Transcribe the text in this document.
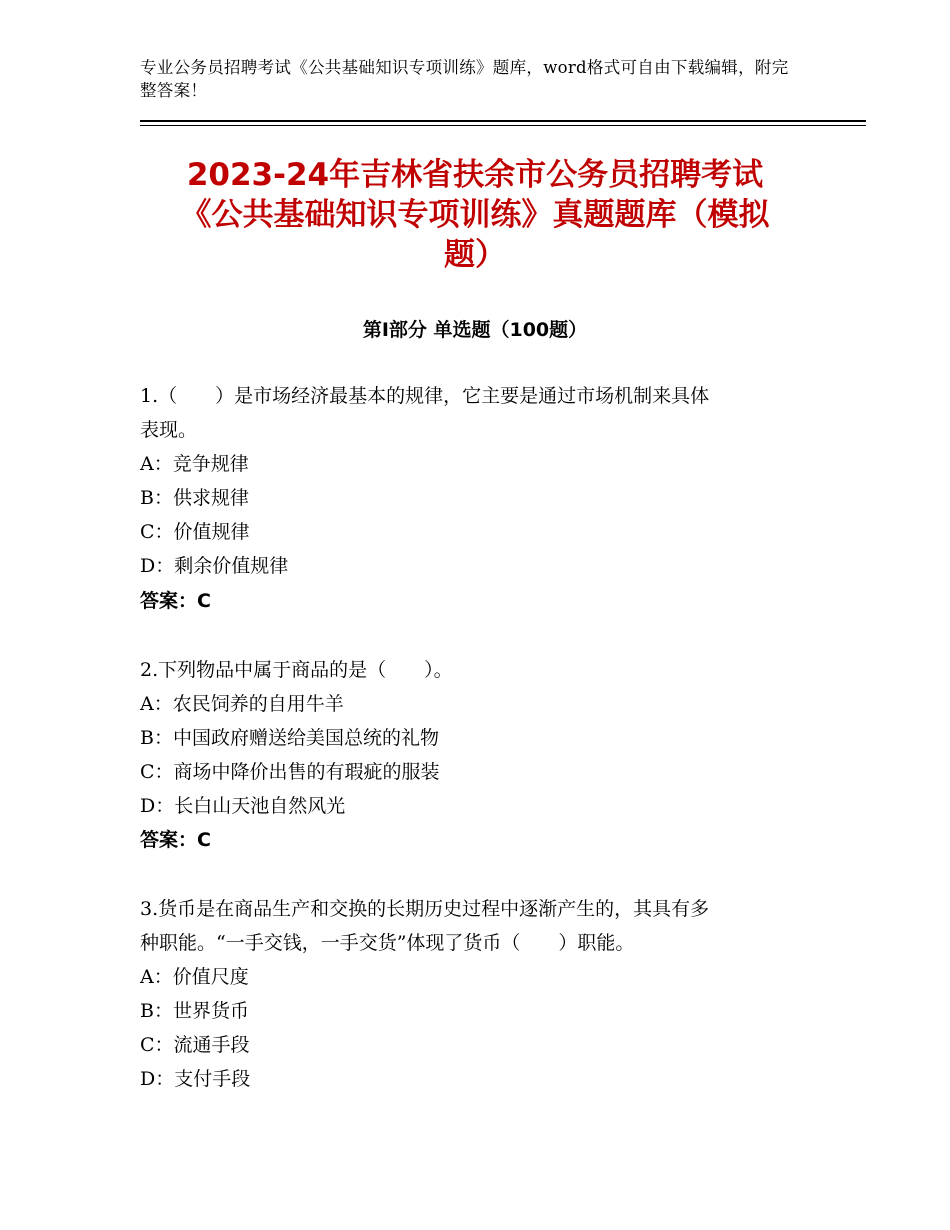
专业公务员招聘考试《公共基础知识专项训练》题库，word格式可自由下载编辑，附完整答案！
2023-24年吉林省扶余市公务员招聘考试
《公共基础知识专项训练》真题题库（模拟
题）
第Ⅰ部分 单选题（100题）
1.（　　）是市场经济最基本的规律，它主要是通过市场机制来具体
表现。
A：竞争规律
B：供求规律
C：价值规律
D：剩余价值规律
答案：C
2.下列物品中属于商品的是（　　）。
A：农民饲养的自用牛羊
B：中国政府赠送给美国总统的礼物
C：商场中降价出售的有瑕疵的服装
D：长白山天池自然风光
答案：C
3.货币是在商品生产和交换的长期历史过程中逐渐产生的，其具有多
种职能。“一手交钱，一手交货”体现了货币（　　）职能。
A：价值尺度
B：世界货币
C：流通手段
D：支付手段
